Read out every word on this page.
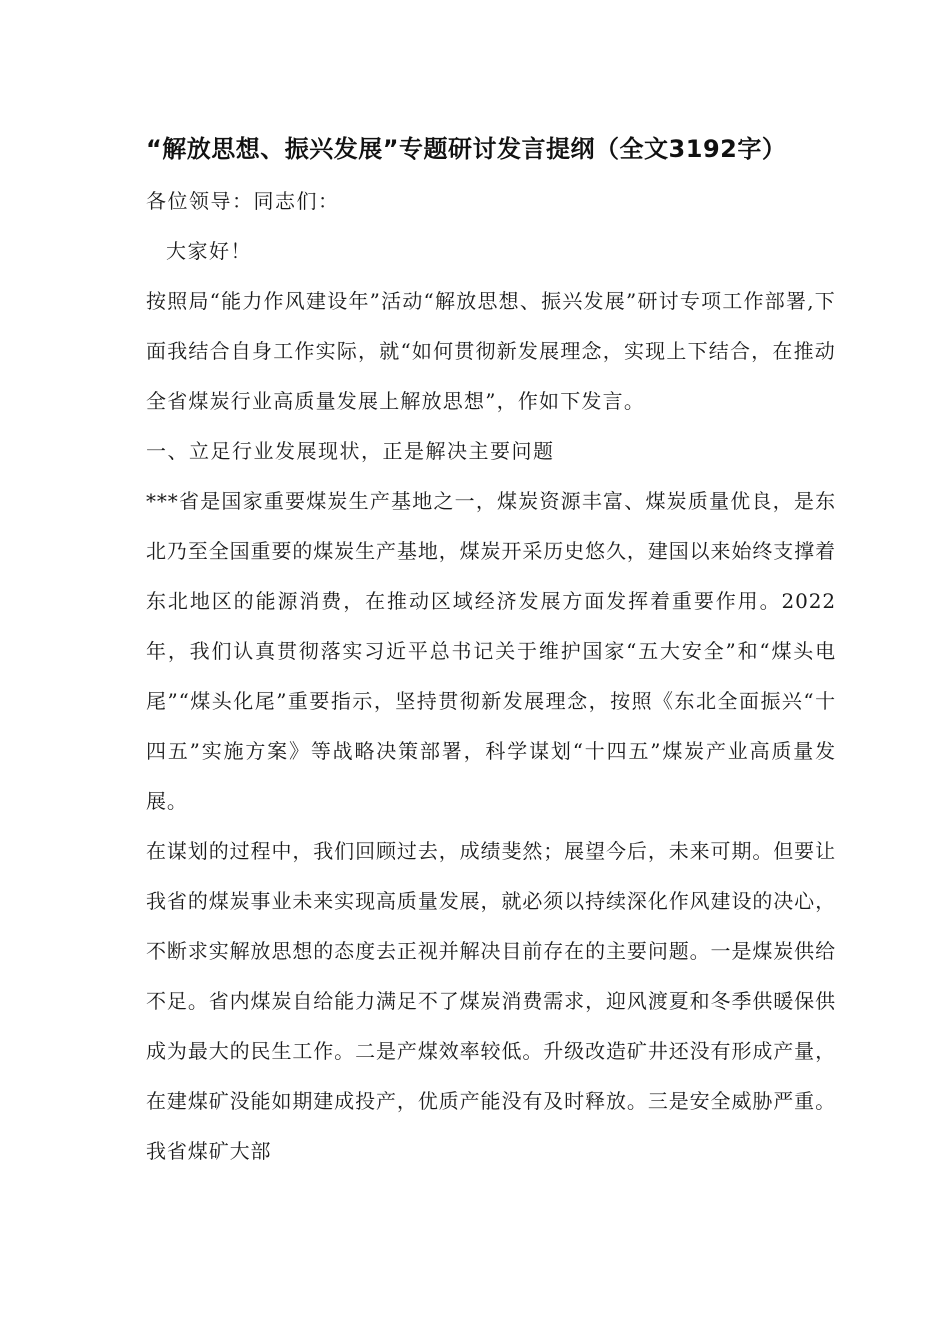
“解放思想、振兴发展”专题研讨发言提纲（全文3192字）

各位领导：同志们：

大家好！

按照局“能力作风建设年”活动“解放思想、振兴发展”研讨专项工作部署,下面我结合自身工作实际，就“如何贯彻新发展理念，实现上下结合，在推动全省煤炭行业高质量发展上解放思想”，作如下发言。

一、立足行业发展现状，正是解决主要问题

***省是国家重要煤炭生产基地之一，煤炭资源丰富、煤炭质量优良，是东北乃至全国重要的煤炭生产基地，煤炭开采历史悠久，建国以来始终支撑着东北地区的能源消费，在推动区域经济发展方面发挥着重要作用。2022年，我们认真贯彻落实习近平总书记关于维护国家“五大安全”和“煤头电尾”“煤头化尾”重要指示，坚持贯彻新发展理念，按照《东北全面振兴“十四五”实施方案》等战略决策部署，科学谋划“十四五”煤炭产业高质量发展。

在谋划的过程中，我们回顾过去，成绩斐然；展望今后，未来可期。但要让我省的煤炭事业未来实现高质量发展，就必须以持续深化作风建设的决心，不断求实解放思想的态度去正视并解决目前存在的主要问题。一是煤炭供给不足。省内煤炭自给能力满足不了煤炭消费需求，迎风渡夏和冬季供暖保供成为最大的民生工作。二是产煤效率较低。升级改造矿井还没有形成产量，在建煤矿没能如期建成投产，优质产能没有及时释放。三是安全威胁严重。我省煤矿大部
